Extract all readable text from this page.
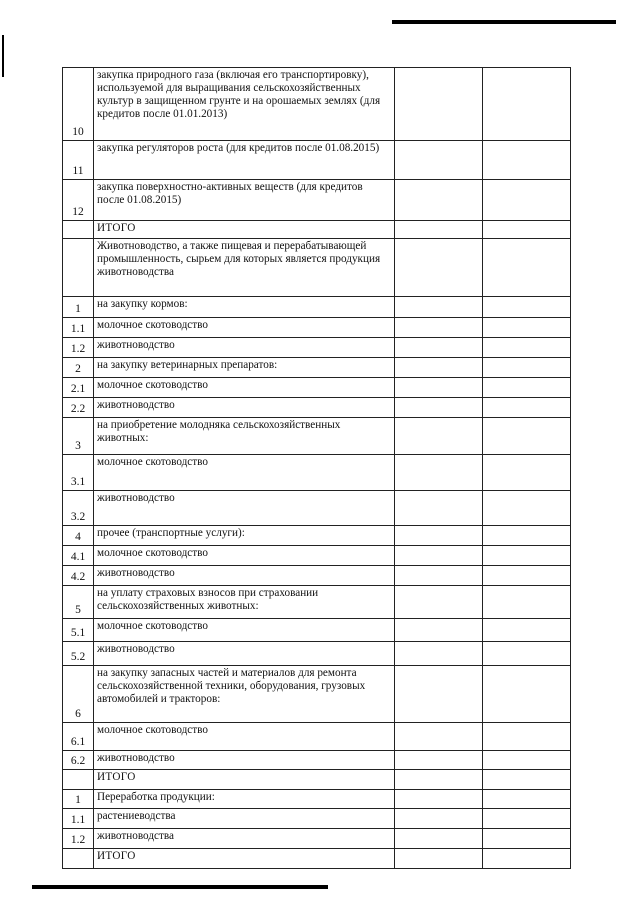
10	закупка природного газа (включая его транспортировку), используемой для выращивания сельскохозяйственных культур в защищенном грунте и на орошаемых землях (для кредитов после 01.01.2013)		
11	закупка регуляторов роста (для кредитов после 01.08.2015)		
12	закупка поверхностно-активных веществ (для кредитов после 01.08.2015)		
	ИТОГО		
	Животноводство, а также пищевая и перерабатывающей промышленность, сырьем для которых является продукция животноводства		
1	на закупку кормов:		
1.1	молочное скотоводство		
1.2	животноводство		
2	на закупку ветеринарных препаратов:		
2.1	молочное скотоводство		
2.2	животноводство		
3	на приобретение молодняка сельскохозяйственных животных:		
3.1	молочное скотоводство		
3.2	животноводство		
4	прочее (транспортные услуги):		
4.1	молочное скотоводство		
4.2	животноводство		
5	на уплату страховых взносов при страховании сельскохозяйственных животных:		
5.1	молочное скотоводство		
5.2	животноводство		
6	на закупку запасных частей и материалов для ремонта сельскохозяйственной техники, оборудования, грузовых автомобилей и тракторов:		
6.1	молочное скотоводство		
6.2	животноводство		
	ИТОГО		
1	Переработка продукции:		
1.1	растениеводства		
1.2	животноводства		
	ИТОГО		
